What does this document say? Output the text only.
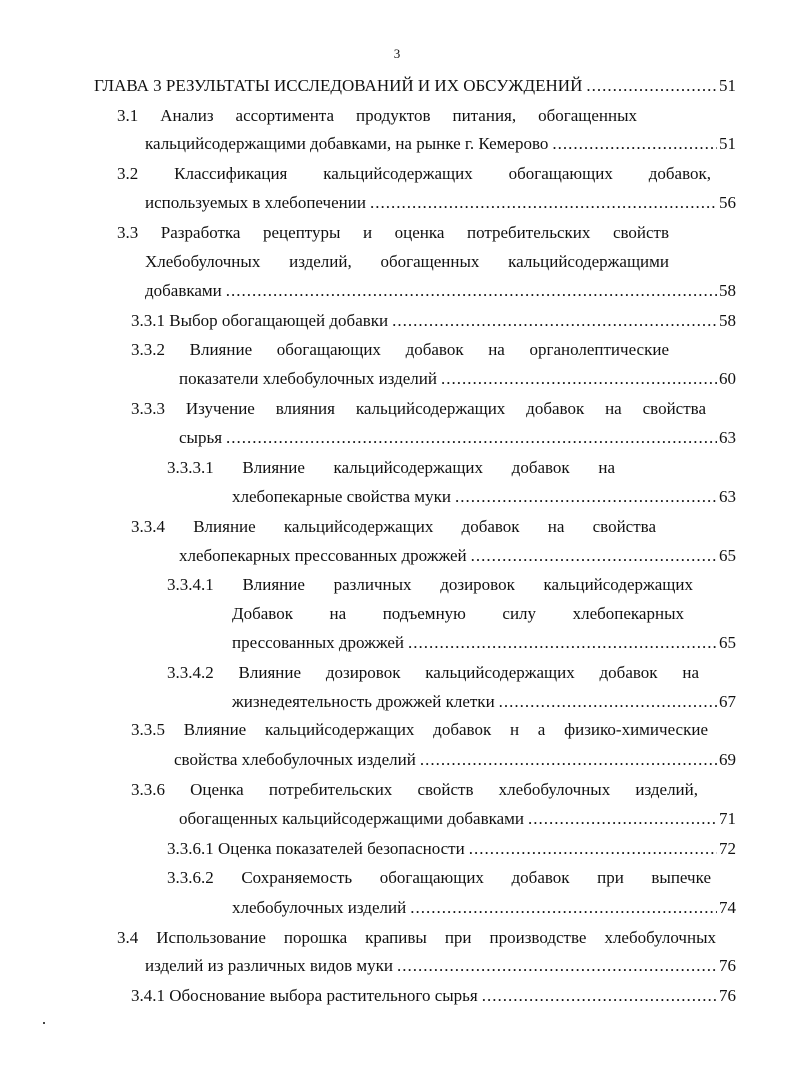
3
ГЛАВА 3 РЕЗУЛЬТАТЫ ИССЛЕДОВАНИЙ И ИХ ОБСУЖДЕНИЙ .....	51
3.1 Анализ ассортимента продуктов питания, обогащенных
кальцийсодержащими добавками, на рынке г. Кемерово .....	51
3.2 Классификация кальцийсодержащих обогащающих добавок,
используемых в хлебопечении .....	56
3.3 Разработка рецептуры и оценка потребительских свойств
Хлебобулочных изделий, обогащенных кальцийсодержащими
добавками .....	58
3.3.1 Выбор обогащающей добавки .....	58
3.3.2 Влияние обогащающих добавок на органолептические
показатели хлебобулочных изделий .....	60
3.3.3 Изучение влияния кальцийсодержащих добавок на свойства
сырья .....	63
3.3.3.1 Влияние кальцийсодержащих добавок на
хлебопекарные свойства муки .....	63
3.3.4 Влияние кальцийсодержащих добавок на свойства
хлебопекарных прессованных дрожжей .....	65
3.3.4.1 Влияние различных дозировок кальцийсодержащих
Добавок на подъемную силу хлебопекарных
прессованных дрожжей .....	65
3.3.4.2 Влияние дозировок кальцийсодержащих добавок на
жизнедеятельность дрожжей клетки .....	67
3.3.5 Влияние кальцийсодержащих добавок н а физико-химические
свойства хлебобулочных изделий .....	69
3.3.6 Оценка потребительских свойств хлебобулочных изделий,
обогащенных кальцийсодержащими добавками .....	71
3.3.6.1 Оценка показателей безопасности .....	72
3.3.6.2 Сохраняемость обогащающих добавок при выпечке
хлебобулочных изделий .....	74
3.4 Использование порошка крапивы при производстве хлебобулочных
изделий из различных видов муки .....	76
3.4.1 Обоснование выбора растительного сырья .....	76
